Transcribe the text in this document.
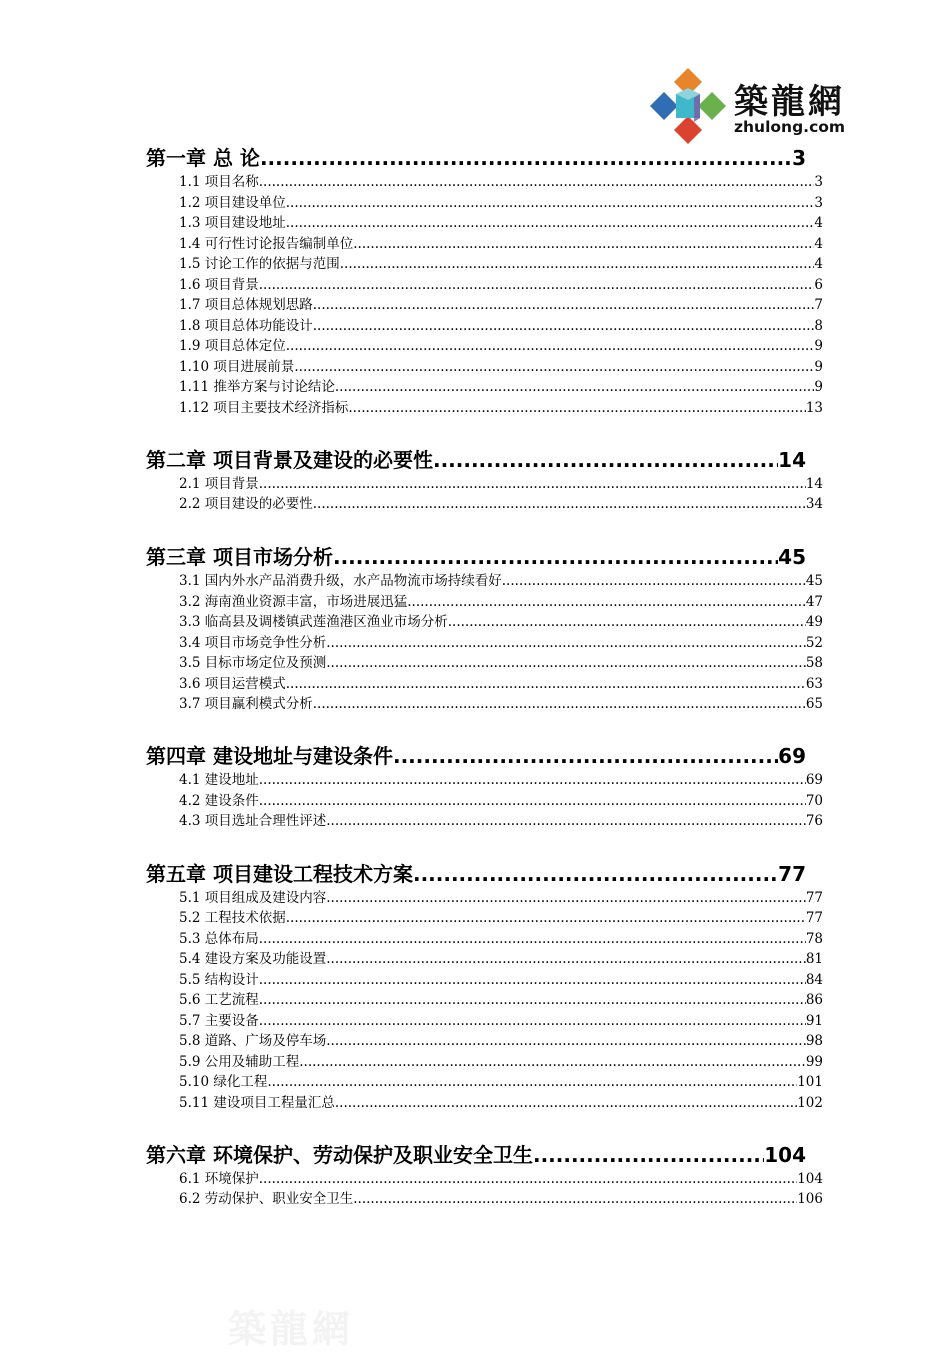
築龍網
zhulong.com
第一章 总 论 .....	3
1.1 项目名称 .....	3
1.2 项目建设单位 .....	3
1.3 项目建设地址 .....	4
1.4 可行性讨论报告编制单位 .....	4
1.5 讨论工作的依据与范围 .....	4
1.6 项目背景 .....	6
1.7 项目总体规划思路 .....	7
1.8 项目总体功能设计 .....	8
1.9 项目总体定位 .....	9
1.10 项目进展前景 .....	9
1.11 推举方案与讨论结论 .....	9
1.12 项目主要技术经济指标 .....	13
第二章 项目背景及建设的必要性 .....	14
2.1 项目背景 .....	14
2.2 项目建设的必要性 .....	34
第三章 项目市场分析 .....	45
3.1 国内外水产品消费升级，水产品物流市场持续看好 .....	45
3.2 海南渔业资源丰富，市场进展迅猛 .....	47
3.3 临高县及调楼镇武莲渔港区渔业市场分析 .....	49
3.4 项目市场竞争性分析 .....	52
3.5 目标市场定位及预测 .....	58
3.6 项目运营模式 .....	63
3.7 项目赢利模式分析 .....	65
第四章 建设地址与建设条件 .....	69
4.1 建设地址 .....	69
4.2 建设条件 .....	70
4.3 项目选址合理性评述 .....	76
第五章 项目建设工程技术方案 .....	77
5.1 项目组成及建设内容 .....	77
5.2 工程技术依据 .....	77
5.3 总体布局 .....	78
5.4 建设方案及功能设置 .....	81
5.5 结构设计 .....	84
5.6 工艺流程 .....	86
5.7 主要设备 .....	91
5.8 道路、广场及停车场 .....	98
5.9 公用及辅助工程 .....	99
5.10 绿化工程 .....	101
5.11 建设项目工程量汇总 .....	102
第六章 环境保护、劳动保护及职业安全卫生 .....	104
6.1 环境保护 .....	104
6.2 劳动保护、职业安全卫生 .....	106
築龍網
